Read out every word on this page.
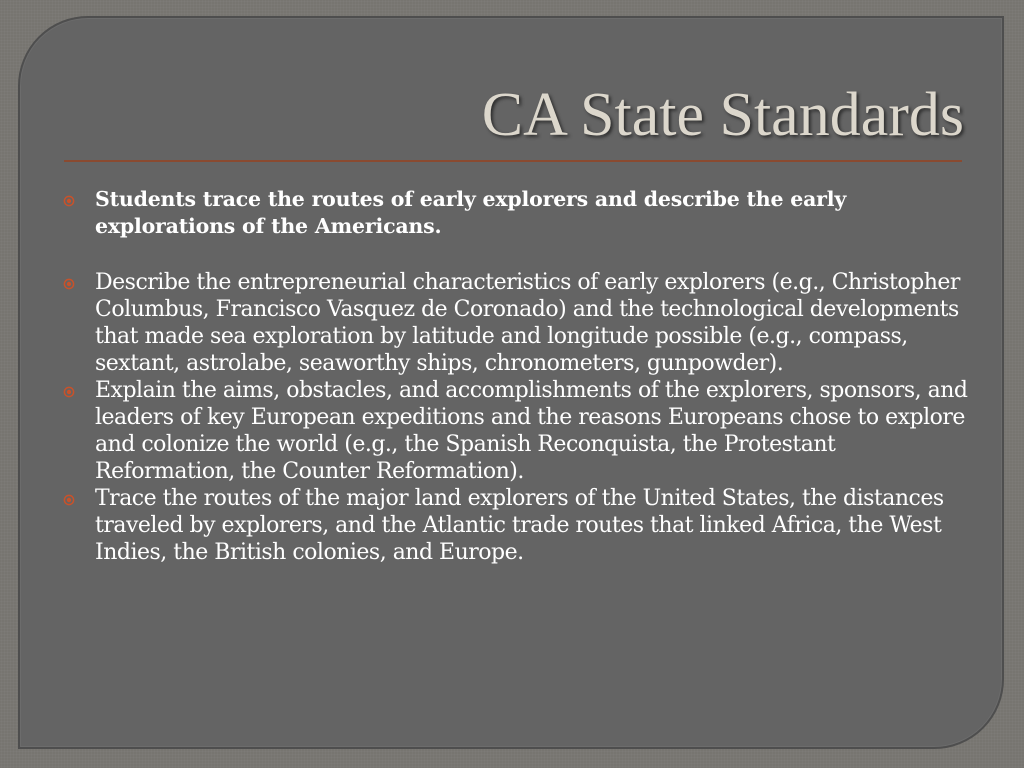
CA State Standards
Students trace the routes of early explorers and describe the early explorations of the Americans.
Describe the entrepreneurial characteristics of early explorers (e.g., Christopher Columbus, Francisco Vasquez de Coronado) and the technological developments that made sea exploration by latitude and longitude possible (e.g., compass, sextant, astrolabe, seaworthy ships, chronometers, gunpowder).
Explain the aims, obstacles, and accomplishments of the explorers, sponsors, and leaders of key European expeditions and the reasons Europeans chose to explore and colonize the world (e.g., the Spanish Reconquista, the Protestant Reformation, the Counter Reformation).
Trace the routes of the major land explorers of the United States, the distances traveled by explorers, and the Atlantic trade routes that linked Africa, the West Indies, the British colonies, and Europe.
